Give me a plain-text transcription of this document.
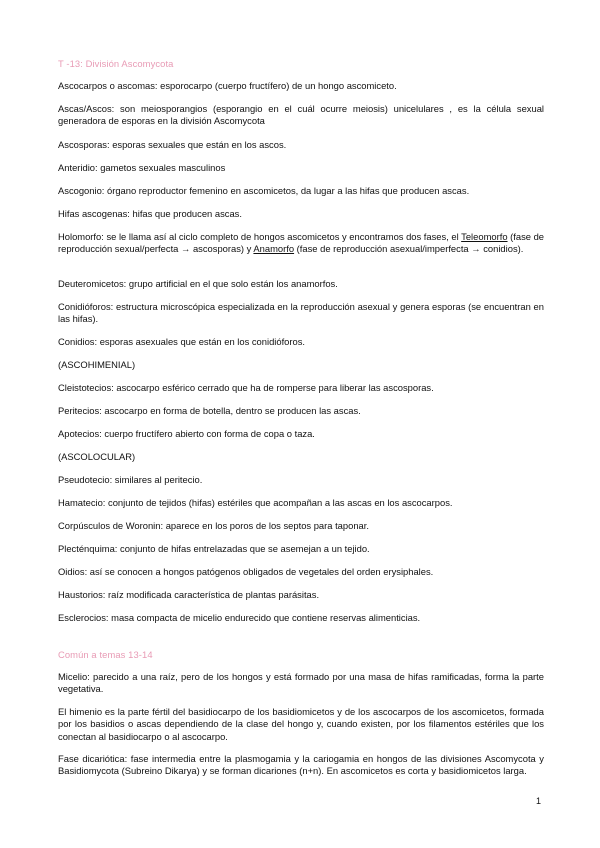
T -13: División Ascomycota

Ascocarpos o ascomas: esporocarpo (cuerpo fructífero) de un hongo ascomiceto.

Ascas/Ascos: son meiosporangios (esporangio en el cuál ocurre meiosis) unicelulares , es la célula sexual generadora de esporas en la división Ascomycota

Ascosporas: esporas sexuales que están en los ascos.

Anteridio: gametos sexuales masculinos

Ascogonio: órgano reproductor femenino en ascomicetos, da lugar a las hifas que producen ascas.

Hifas ascogenas: hifas que producen ascas.

Holomorfo: se le llama así al ciclo completo de hongos ascomicetos y encontramos dos fases, el Teleomorfo (fase de reproducción sexual/perfecta → ascosporas) y Anamorfo (fase de reproducción asexual/imperfecta → conidios).

Deuteromicetos: grupo artificial en el que solo están los anamorfos.

Conidióforos: estructura microscópica especializada en la reproducción asexual y genera esporas (se encuentran en las hifas).

Conidios: esporas asexuales que están en los conidióforos.

(ASCOHIMENIAL)

Cleistotecios: ascocarpo esférico cerrado que ha de romperse para liberar las ascosporas.

Peritecios: ascocarpo en forma de botella, dentro se producen las ascas.

Apotecios: cuerpo fructífero abierto con forma de copa o taza.

(ASCOLOCULAR)

Pseudotecio: similares al peritecio.

Hamatecio: conjunto de tejidos (hifas) estériles que acompañan a las ascas en los ascocarpos.

Corpúsculos de Woronin: aparece en los poros de los septos para taponar.

Plecténquima: conjunto de hifas entrelazadas que se asemejan a un tejido.

Oidios: así se conocen a hongos patógenos obligados de vegetales del orden erysiphales.

Haustorios: raíz modificada característica de plantas parásitas.

Esclerocios: masa compacta de micelio endurecido que contiene reservas alimenticias.

Común a temas 13-14

Micelio: parecido a una raíz, pero de los hongos y está formado por una masa de hifas ramificadas, forma la parte vegetativa.

El himenio es la parte fértil del basidiocarpo de los basidiomicetos y de los ascocarpos de los ascomicetos, formada por los basidios o ascas dependiendo de la clase del hongo y, cuando existen, por los filamentos estériles que los conectan al basidiocarpo o al ascocarpo.

Fase dicariótica: fase intermedia entre la plasmogamia y la cariogamia en hongos de las divisiones Ascomycota y Basidiomycota (Subreino Dikarya) y se forman dicariones (n+n). En ascomicetos es corta y basidiomicetos larga.

1
